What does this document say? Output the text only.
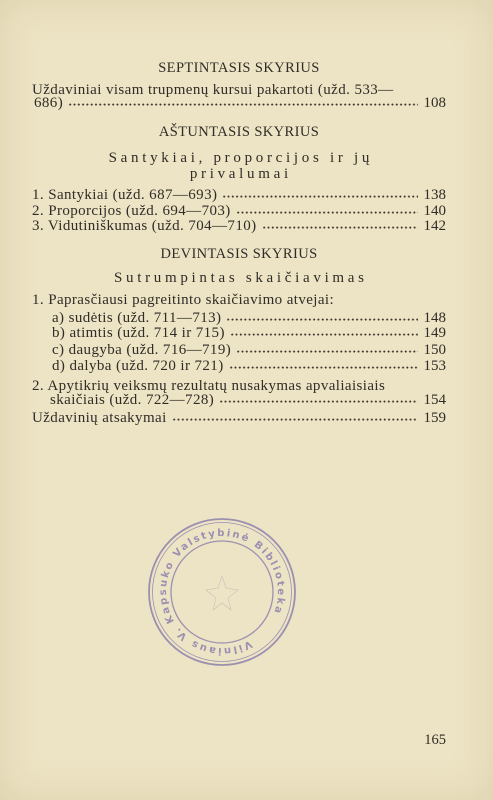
SEPTINTASIS SKYRIUS
Uždaviniai visam trupmenų kursui pakartoti (užd. 533—
686)	108
AŠTUNTASIS SKYRIUS
Santykiai, proporcijos ir jų
privalumai
1. Santykiai (užd. 687—693)	138
2. Proporcijos (užd. 694—703)	140
3. Vidutiniškumas (užd. 704—710)	142
DEVINTASIS SKYRIUS
Sutrumpintas skaičiavimas
1. Paprasčiausi pagreitinto skaičiavimo atvejai:
a) sudėtis (užd. 711—713)	148
b) atimtis (užd. 714 ir 715)	149
c) daugyba (užd. 716—719)	150
d) dalyba (užd. 720 ir 721)	153
2. Apytikrių veiksmų rezultatų nusakymas apvaliaisiais
skaičiais (užd. 722—728)	154
Uždavinių atsakymai	159
Vilniaus V. Kapsuko Valstybinė Biblioteka
165
